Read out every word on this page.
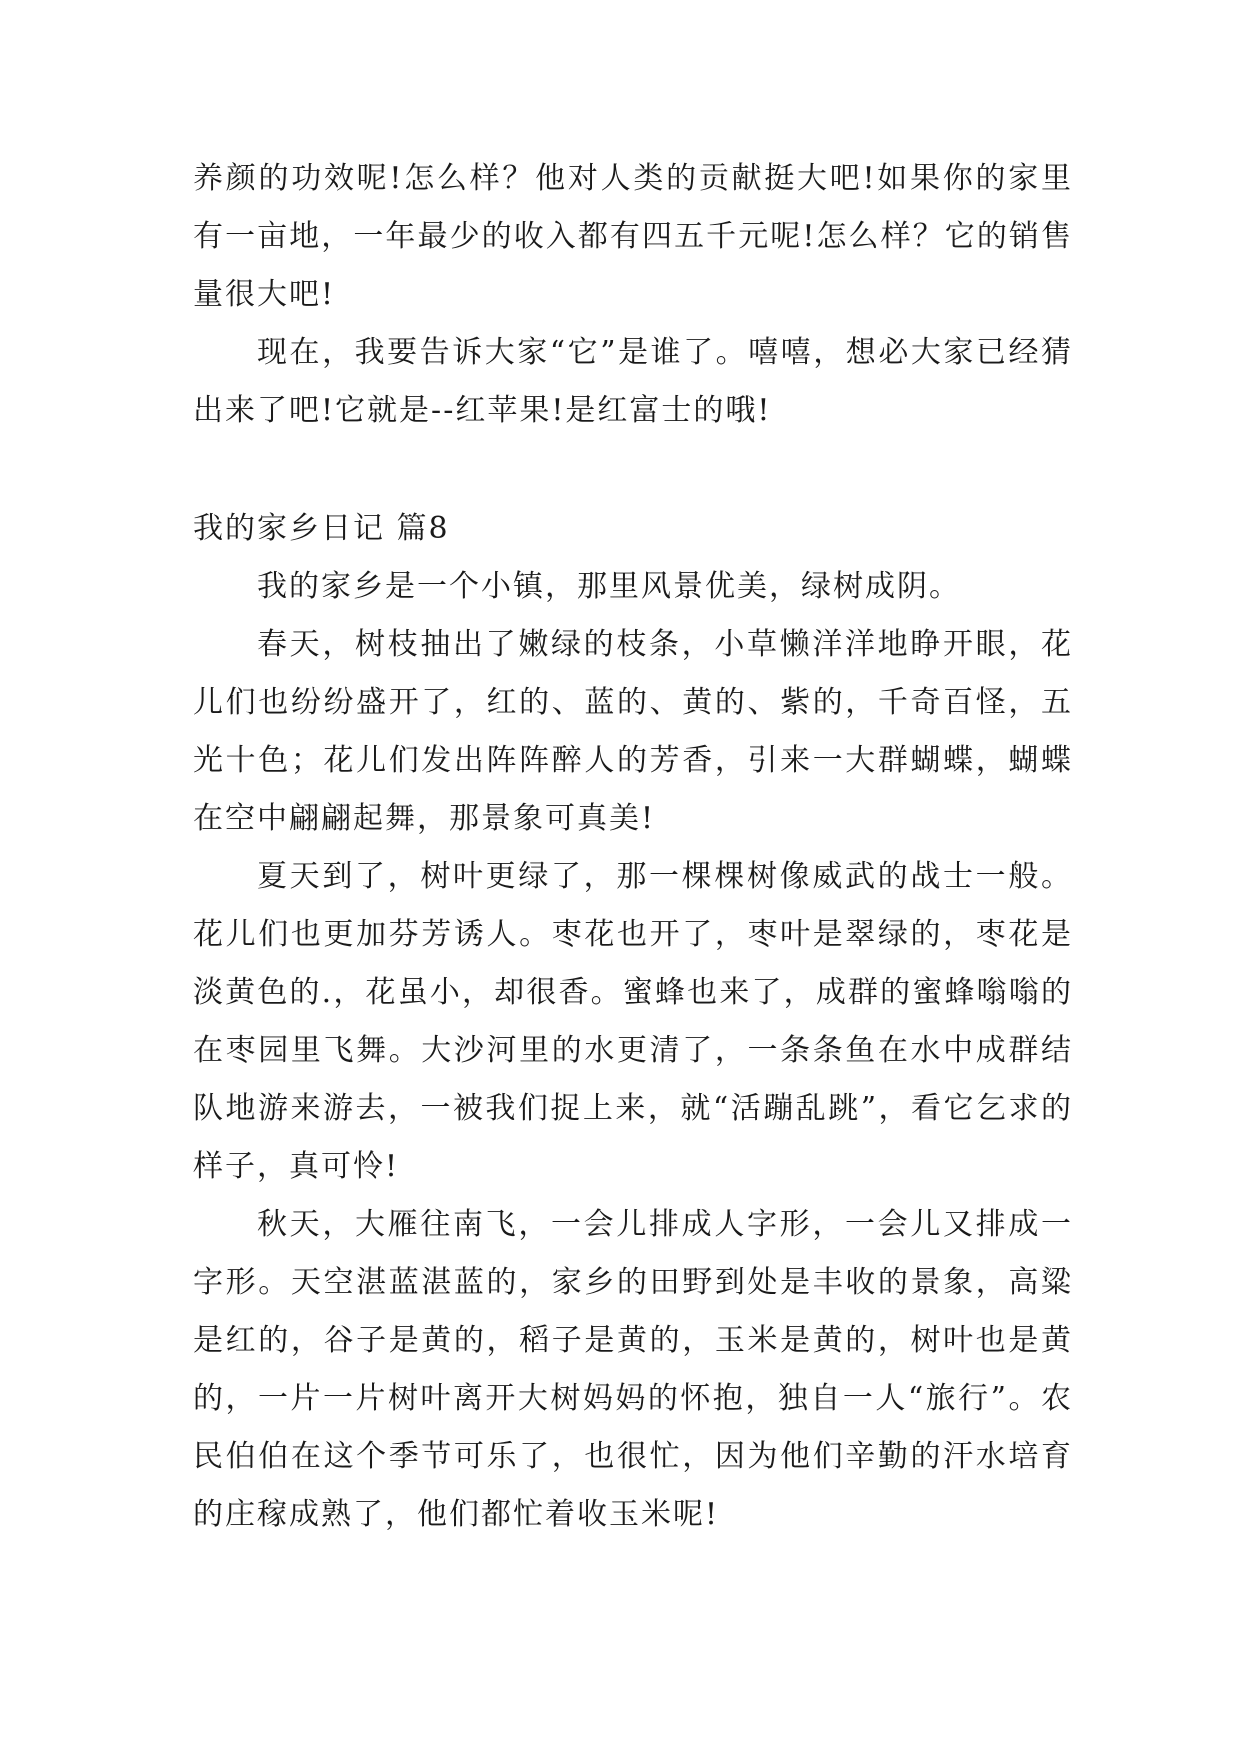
养颜的功效呢!怎么样？他对人类的贡献挺大吧!如果你的家里有一亩地，一年最少的收入都有四五千元呢!怎么样？它的销售量很大吧!

现在，我要告诉大家“它”是谁了。嘻嘻，想必大家已经猜出来了吧!它就是--红苹果!是红富士的哦!

我的家乡日记 篇8

我的家乡是一个小镇，那里风景优美，绿树成阴。

春天，树枝抽出了嫩绿的枝条，小草懒洋洋地睁开眼，花儿们也纷纷盛开了，红的、蓝的、黄的、紫的，千奇百怪，五光十色；花儿们发出阵阵醉人的芳香，引来一大群蝴蝶，蝴蝶在空中翩翩起舞，那景象可真美!

夏天到了，树叶更绿了，那一棵棵树像威武的战士一般。花儿们也更加芬芳诱人。枣花也开了，枣叶是翠绿的，枣花是淡黄色的.，花虽小，却很香。蜜蜂也来了，成群的蜜蜂嗡嗡的在枣园里飞舞。大沙河里的水更清了，一条条鱼在水中成群结队地游来游去，一被我们捉上来，就“活蹦乱跳”，看它乞求的样子，真可怜!

秋天，大雁往南飞，一会儿排成人字形，一会儿又排成一字形。天空湛蓝湛蓝的，家乡的田野到处是丰收的景象，高粱是红的，谷子是黄的，稻子是黄的，玉米是黄的，树叶也是黄的，一片一片树叶离开大树妈妈的怀抱，独自一人“旅行”。农民伯伯在这个季节可乐了，也很忙，因为他们辛勤的汗水培育的庄稼成熟了，他们都忙着收玉米呢!
